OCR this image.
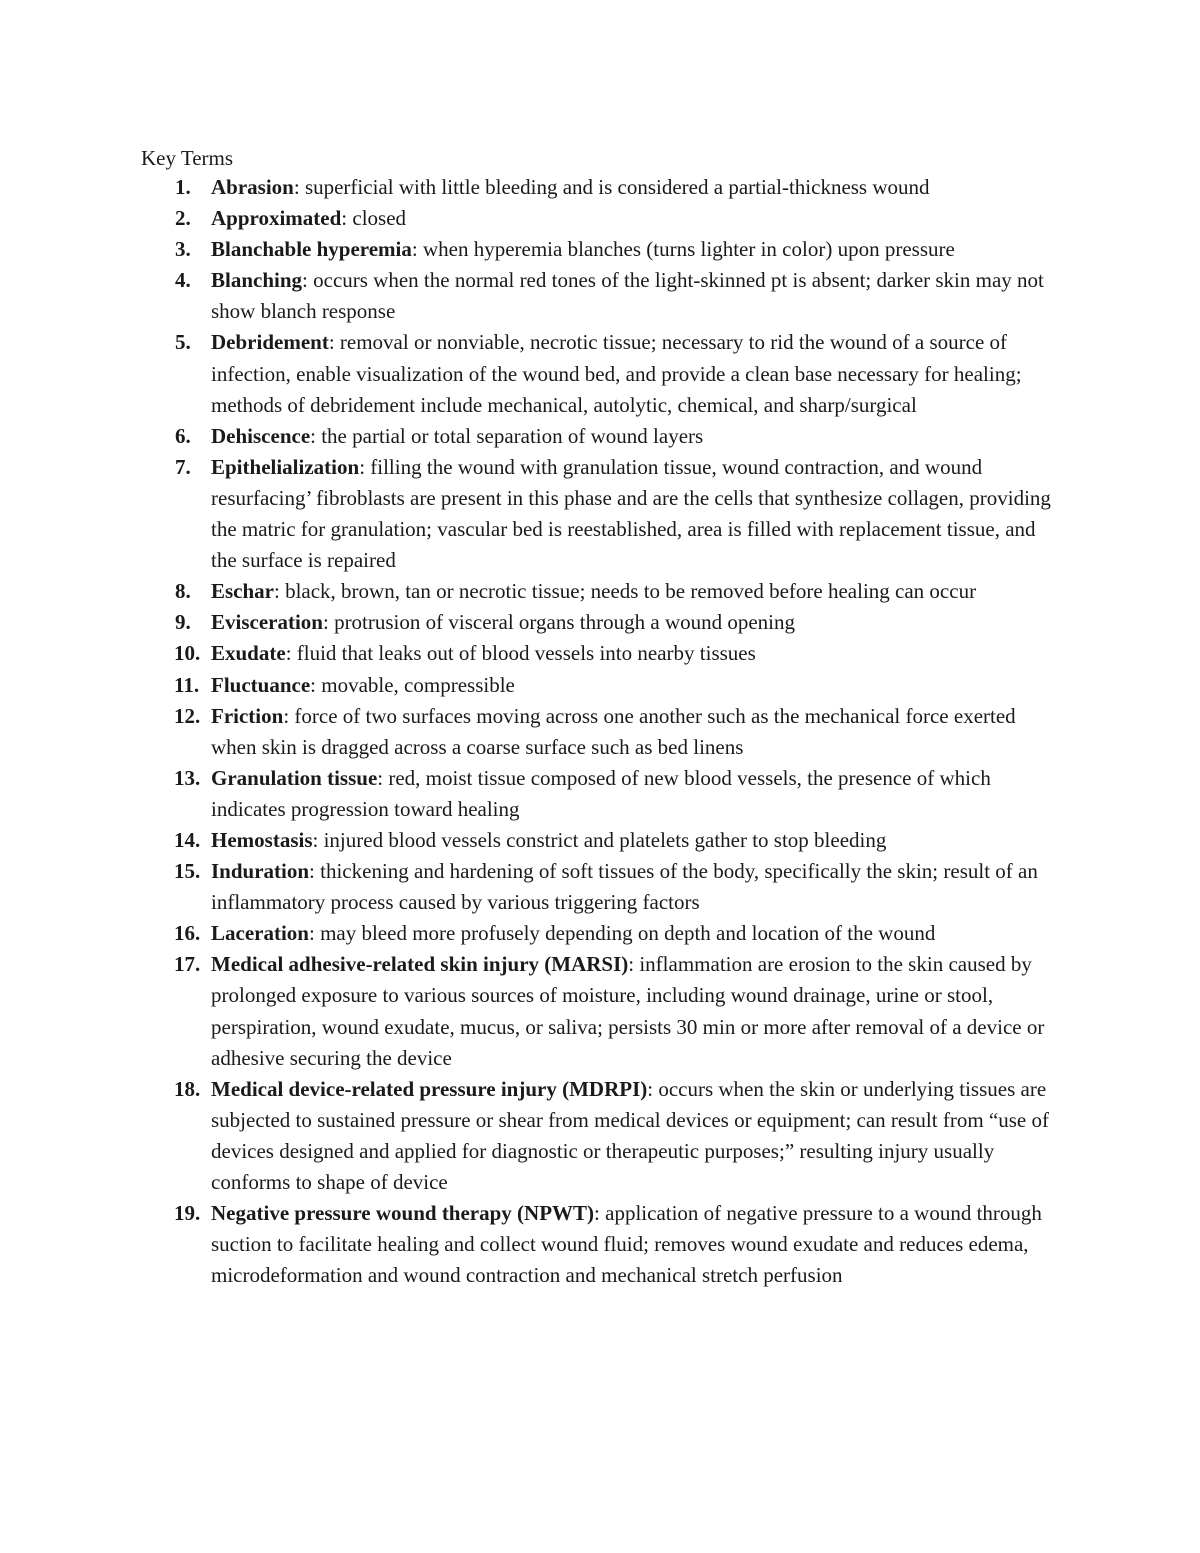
Key Terms
1. Abrasion: superficial with little bleeding and is considered a partial-thickness wound
2. Approximated: closed
3. Blanchable hyperemia: when hyperemia blanches (turns lighter in color) upon pressure
4. Blanching: occurs when the normal red tones of the light-skinned pt is absent; darker skin may not show blanch response
5. Debridement: removal or nonviable, necrotic tissue; necessary to rid the wound of a source of infection, enable visualization of the wound bed, and provide a clean base necessary for healing; methods of debridement include mechanical, autolytic, chemical, and sharp/surgical
6. Dehiscence: the partial or total separation of wound layers
7. Epithelialization: filling the wound with granulation tissue, wound contraction, and wound resurfacing’ fibroblasts are present in this phase and are the cells that synthesize collagen, providing the matric for granulation; vascular bed is reestablished, area is filled with replacement tissue, and the surface is repaired
8. Eschar: black, brown, tan or necrotic tissue; needs to be removed before healing can occur
9. Evisceration: protrusion of visceral organs through a wound opening
10. Exudate: fluid that leaks out of blood vessels into nearby tissues
11. Fluctuance: movable, compressible
12. Friction: force of two surfaces moving across one another such as the mechanical force exerted when skin is dragged across a coarse surface such as bed linens
13. Granulation tissue: red, moist tissue composed of new blood vessels, the presence of which indicates progression toward healing
14. Hemostasis: injured blood vessels constrict and platelets gather to stop bleeding
15. Induration: thickening and hardening of soft tissues of the body, specifically the skin; result of an inflammatory process caused by various triggering factors
16. Laceration: may bleed more profusely depending on depth and location of the wound
17. Medical adhesive-related skin injury (MARSI): inflammation are erosion to the skin caused by prolonged exposure to various sources of moisture, including wound drainage, urine or stool, perspiration, wound exudate, mucus, or saliva; persists 30 min or more after removal of a device or adhesive securing the device
18. Medical device-related pressure injury (MDRPI): occurs when the skin or underlying tissues are subjected to sustained pressure or shear from medical devices or equipment; can result from “use of devices designed and applied for diagnostic or therapeutic purposes;” resulting injury usually conforms to shape of device
19. Negative pressure wound therapy (NPWT): application of negative pressure to a wound through suction to facilitate healing and collect wound fluid; removes wound exudate and reduces edema, microdeformation and wound contraction and mechanical stretch perfusion
